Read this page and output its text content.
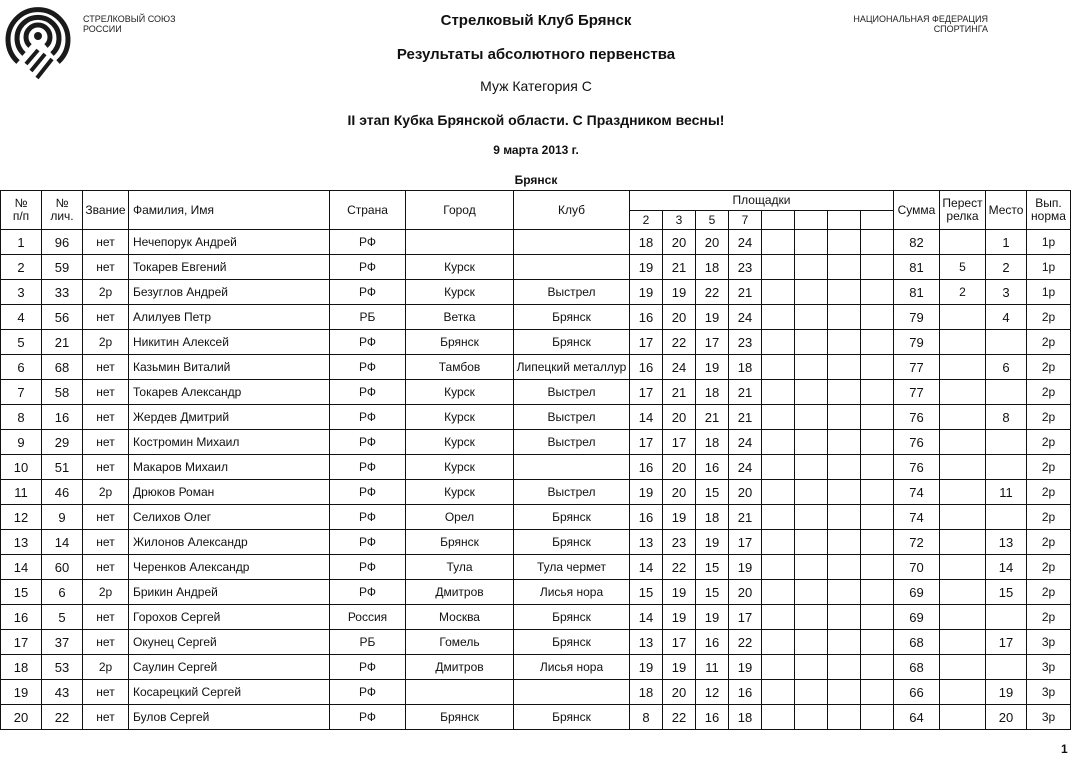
СТРЕЛКОВЫЙ СОЮЗ
РОССИИ
НАЦИОНАЛЬНАЯ ФЕДЕРАЦИЯ
СПОРТИНГА
Стрелковый Клуб Брянск
Результаты абсолютного первенства
Муж Категория С
II этап Кубка Брянской области. С Праздником весны!
9 марта 2013 г.
Брянск
№
п/п

№
лич.	Звание	Фамилия, Имя	Страна	Город	Клуб	Площадки	Сумма	Перест
релка	Место	Вып.
норма

							2	3	5	7								
1	96	нет	Нечепорук Андрей	РФ			18	20	20	24					82		1	1р
2	59	нет	Токарев Евгений	РФ	Курск		19	21	18	23					81	5	2	1р
3	33	2р	Безуглов Андрей	РФ	Курск	Выстрел	19	19	22	21					81	2	3	1р
4	56	нет	Алилуев Петр	РБ	Ветка	Брянск	16	20	19	24					79		4	2р
5	21	2р	Никитин Алексей	РФ	Брянск	Брянск	17	22	17	23					79			2р
6	68	нет	Казьмин Виталий	РФ	Тамбов	Липецкий металлур	16	24	19	18					77		6	2р
7	58	нет	Токарев Александр	РФ	Курск	Выстрел	17	21	18	21					77			2р
8	16	нет	Жердев Дмитрий	РФ	Курск	Выстрел	14	20	21	21					76		8	2р
9	29	нет	Костромин Михаил	РФ	Курск	Выстрел	17	17	18	24					76			2р
10	51	нет	Макаров Михаил	РФ	Курск		16	20	16	24					76			2р
11	46	2р	Дрюков Роман	РФ	Курск	Выстрел	19	20	15	20					74		11	2р
12	9	нет	Селихов Олег	РФ	Орел	Брянск	16	19	18	21					74			2р
13	14	нет	Жилонов Александр	РФ	Брянск	Брянск	13	23	19	17					72		13	2р
14	60	нет	Черенков Александр	РФ	Тула	Тула чермет	14	22	15	19					70		14	2р
15	6	2р	Брикин Андрей	РФ	Дмитров	Лисья нора	15	19	15	20					69		15	2р
16	5	нет	Горохов Сергей	Россия	Москва	Брянск	14	19	19	17					69			2р
17	37	нет	Окунец Сергей	РБ	Гомель	Брянск	13	17	16	22					68		17	3р
18	53	2р	Саулин Сергей	РФ	Дмитров	Лисья нора	19	19	11	19					68			3р
19	43	нет	Косарецкий Сергей	РФ			18	20	12	16					66		19	3р
20	22	нет	Булов Сергей	РФ	Брянск	Брянск	8	22	16	18					64		20	3р
1
